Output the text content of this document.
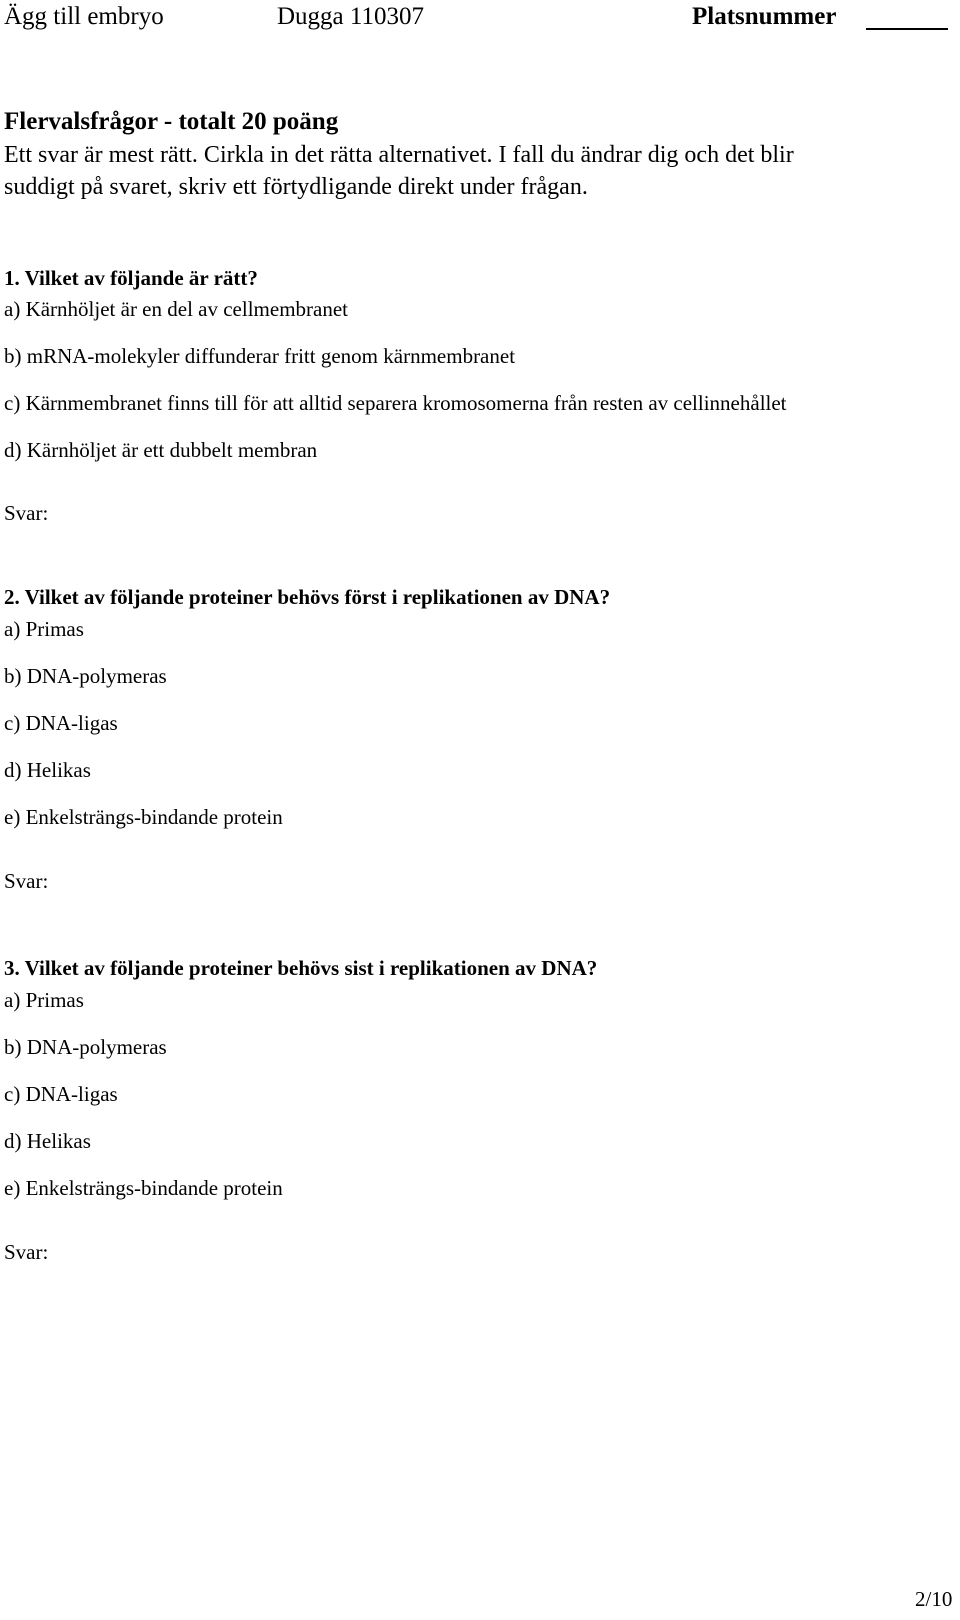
Ägg till embryo	Dugga 110307	Platsnummer
Flervalsfrågor - totalt 20 poäng
Ett svar är mest rätt. Cirkla in det rätta alternativet. I fall du ändrar dig och det blir
suddigt på svaret, skriv ett förtydligande direkt under frågan.
1. Vilket av följande är rätt?
a) Kärnhöljet är en del av cellmembranet
b) mRNA-molekyler diffunderar fritt genom kärnmembranet
c) Kärnmembranet finns till för att alltid separera kromosomerna från resten av cellinnehållet
d) Kärnhöljet är ett dubbelt membran
Svar:
2. Vilket av följande proteiner behövs först i replikationen av DNA?
a) Primas
b) DNA-polymeras
c) DNA-ligas
d) Helikas
e) Enkelsträngs-bindande protein
Svar:
3. Vilket av följande proteiner behövs sist i replikationen av DNA?
a) Primas
b) DNA-polymeras
c) DNA-ligas
d) Helikas
e) Enkelsträngs-bindande protein
Svar:
2/10
